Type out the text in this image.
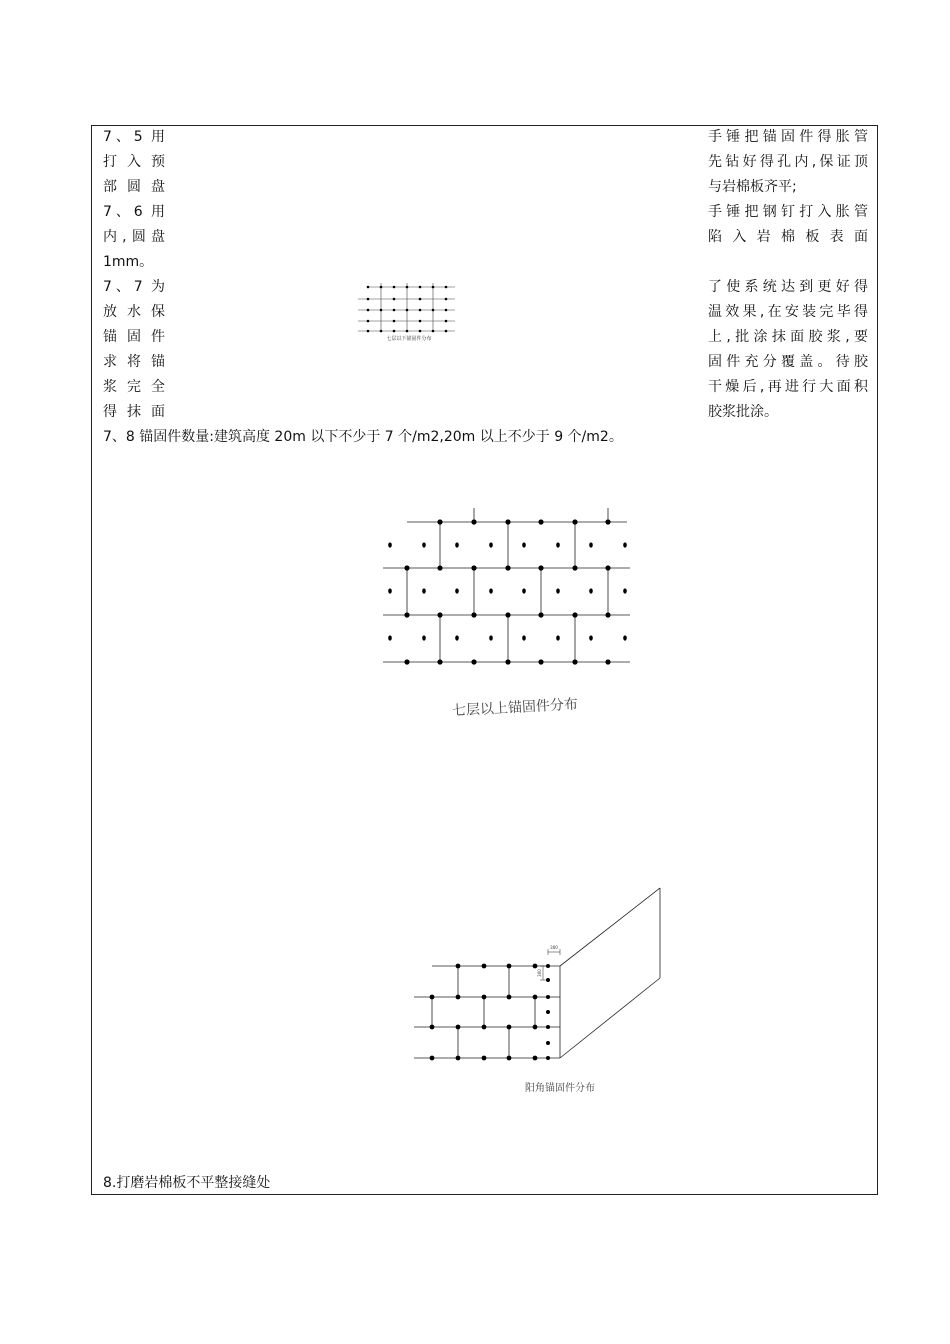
7、5 用
打 入 预
部 圆 盘
7、6 用
内,圆盘
1mm。
7、7 为
放 水 保
锚 固 件
求 将 锚
浆 完 全
得 抹 面
手锤把锚固件得胀管
先钻好得孔内,保证顶
与岩棉板齐平;
手锤把钢钉打入胀管
陷 入 岩 棉 板 表 面
了使系统达到更好得
温效果,在安装完毕得
上,批涂抹面胶浆,要
固件充分覆盖。待胶
干燥后,再进行大面积
胶浆批涂。
7、8 锚固件数量:建筑高度 20m 以下不少于 7 个/m2,20m 以上不少于 9 个/m2。
七层以下锚固件分布
七层以上锚固件分布
300
300
阳角锚固件分布
8.打磨岩棉板不平整接缝处
